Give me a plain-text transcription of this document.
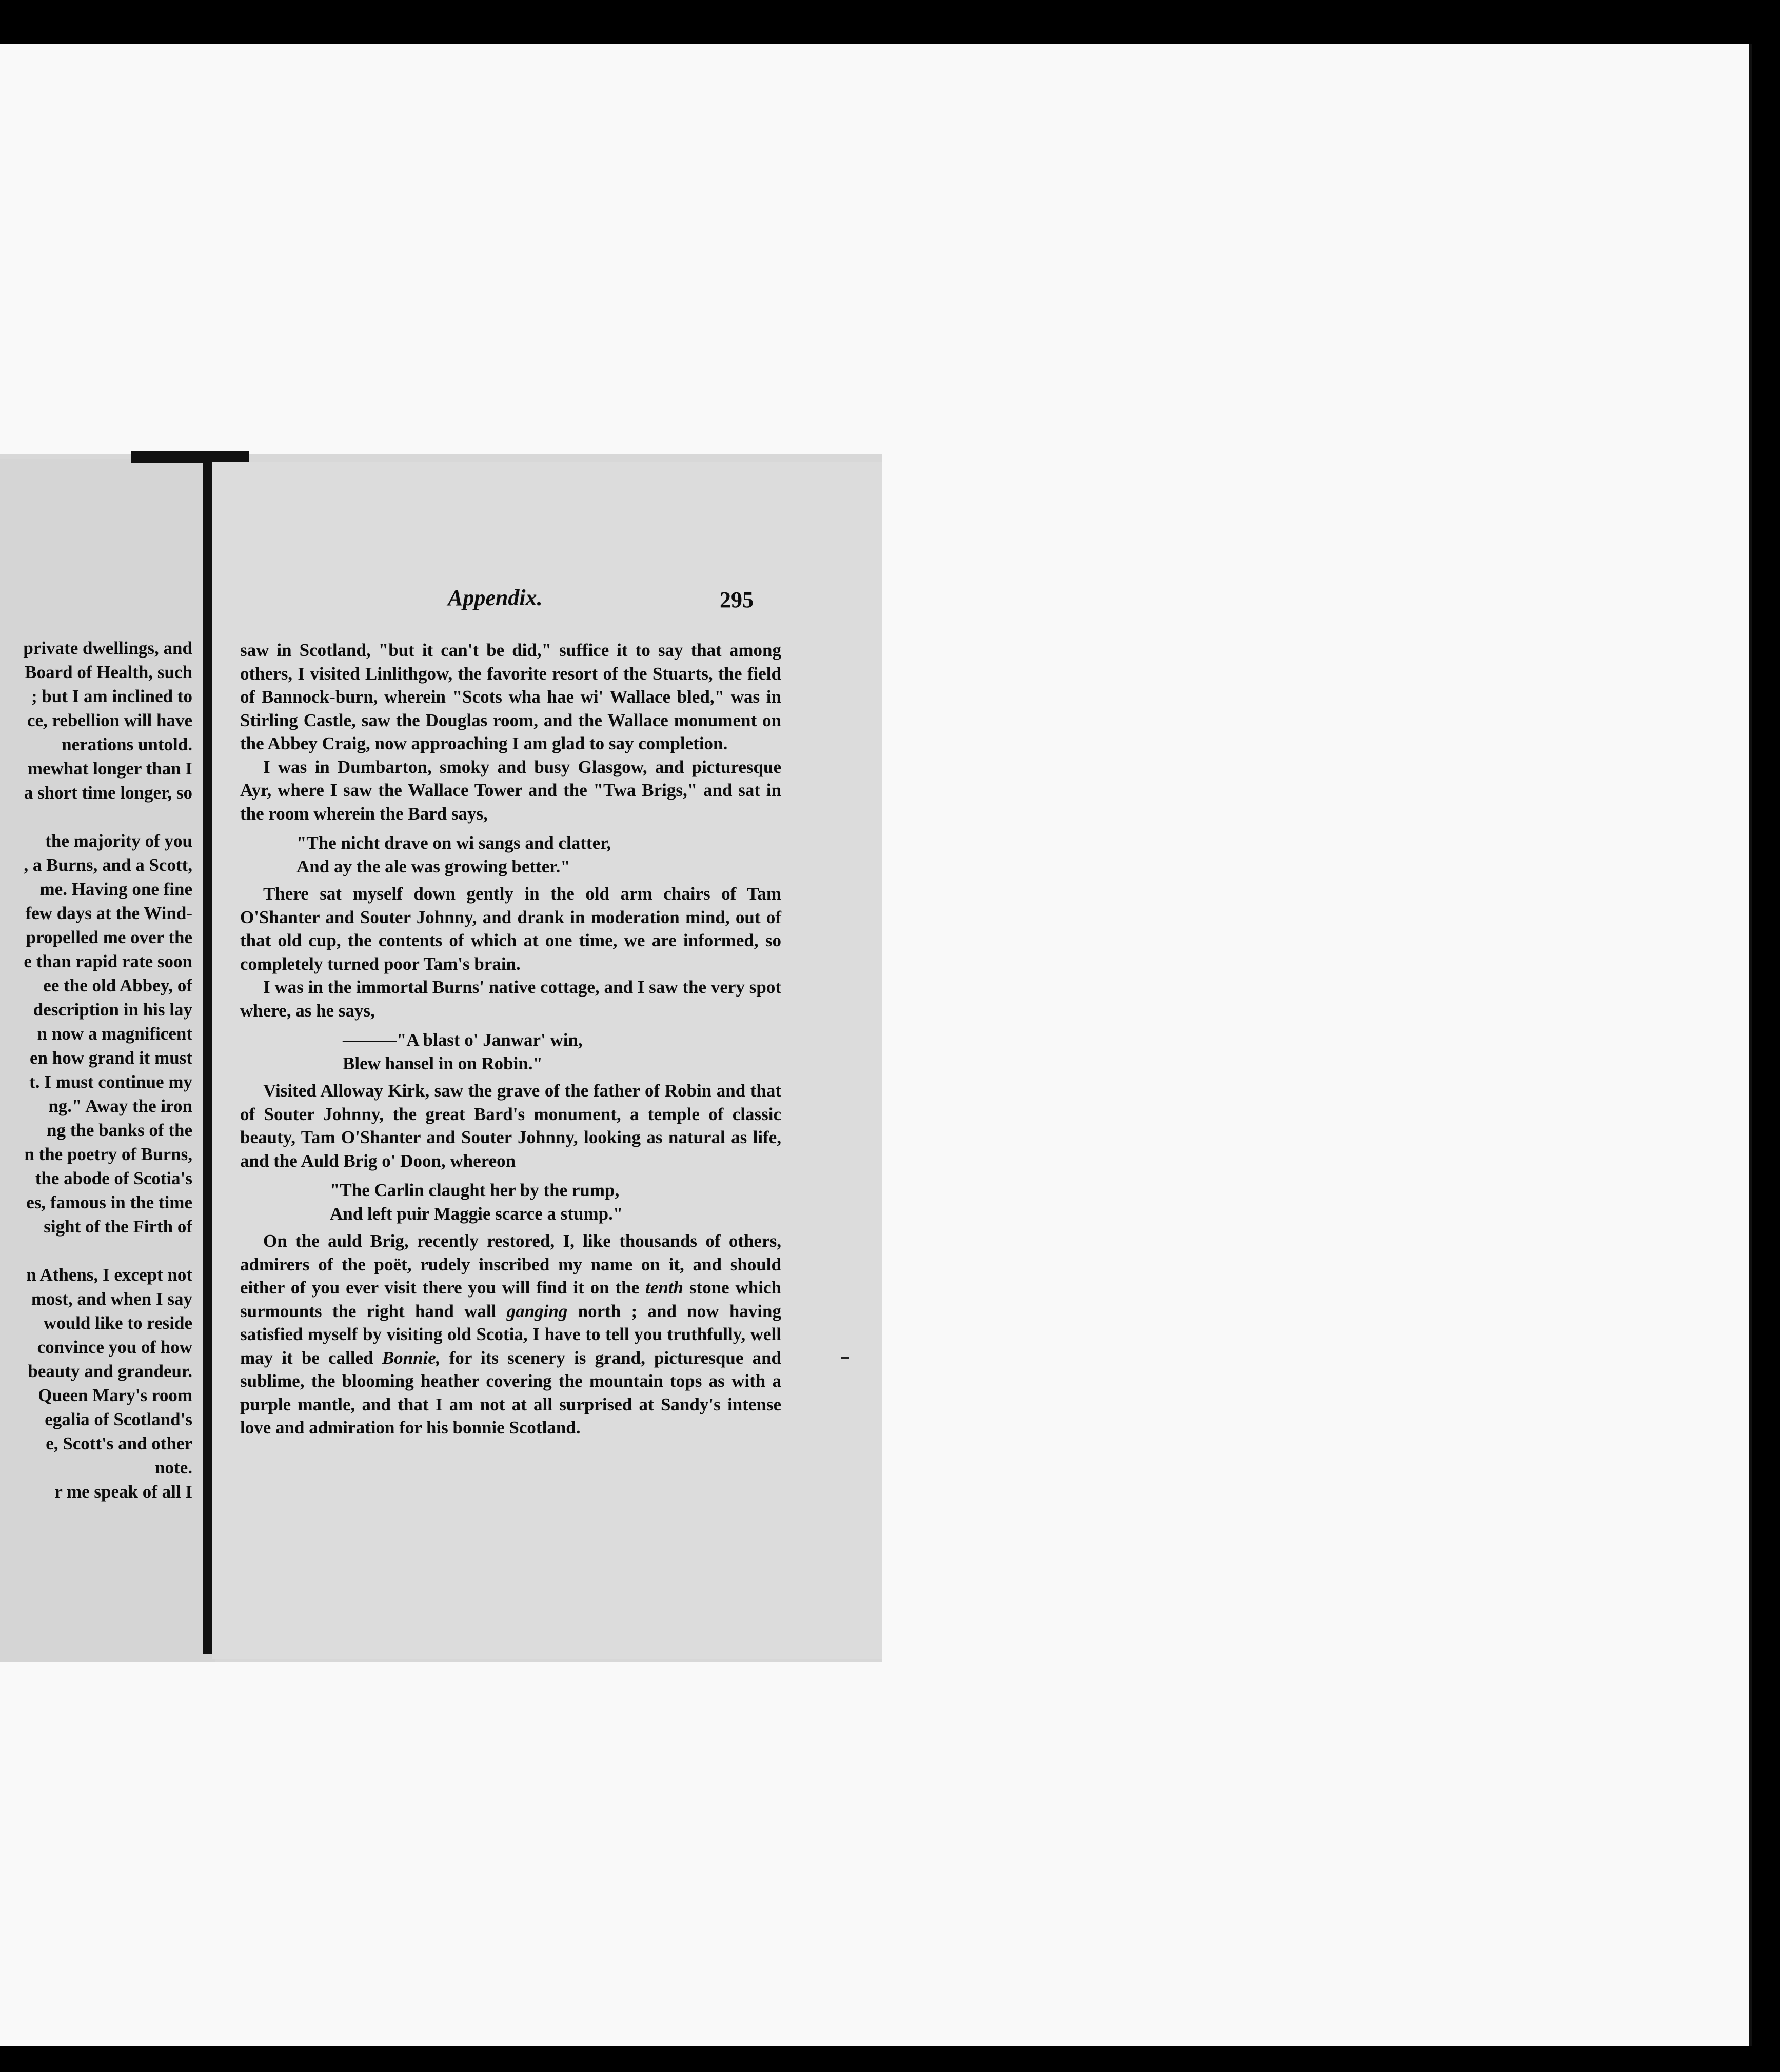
private dwellings, and
Board of Health, such
; but I am inclined to
ce, rebellion will have
nerations untold.
mewhat longer than I
a short time longer, so
the majority of you
, a Burns, and a Scott,
me. Having one fine
few days at the Wind-
propelled me over the
e than rapid rate soon
ee the old Abbey, of
description in his lay
n now a magnificent
en how grand it must
t. I must continue my
ng." Away the iron
ng the banks of the
n the poetry of Burns,
the abode of Scotia's
es, famous in the time
sight of the Firth of
n Athens, I except not
most, and when I say
would like to reside
convince you of how
beauty and grandeur.
Queen Mary's room
egalia of Scotland's
e, Scott's and other
note.
r me speak of all I
Appendix.	295

saw in Scotland, "but it can't be did," suffice it to say that among others, I visited Linlithgow, the favorite resort of the Stuarts, the field of Bannock-burn, wherein "Scots wha hae wi' Wallace bled," was in Stirling Castle, saw the Douglas room, and the Wallace monument on the Abbey Craig, now approaching I am glad to say completion.

I was in Dumbarton, smoky and busy Glasgow, and picturesque Ayr, where I saw the Wallace Tower and the "Twa Brigs," and sat in the room wherein the Bard says,

"The nicht drave on wi sangs and clatter,
And ay the ale was growing better."

There sat myself down gently in the old arm chairs of Tam O'Shanter and Souter Johnny, and drank in moderation mind, out of that old cup, the contents of which at one time, we are informed, so completely turned poor Tam's brain.

I was in the immortal Burns' native cottage, and I saw the very spot where, as he says,

———"A blast o' Janwar' win,
Blew hansel in on Robin."

Visited Alloway Kirk, saw the grave of the father of Robin and that of Souter Johnny, the great Bard's monument, a temple of classic beauty, Tam O'Shanter and Souter Johnny, looking as natural as life, and the Auld Brig o' Doon, whereon

"The Carlin claught her by the rump,
And left puir Maggie scarce a stump."

On the auld Brig, recently restored, I, like thousands of others, admirers of the poët, rudely inscribed my name on it, and should either of you ever visit there you will find it on the tenth stone which surmounts the right hand wall ganging north ; and now having satisfied myself by visiting old Scotia, I have to tell you truthfully, well may it be called Bonnie, for its scenery is grand, picturesque and sublime, the blooming heather covering the mountain tops as with a purple mantle, and that I am not at all surprised at Sandy's intense love and admiration for his bonnie Scotland.
